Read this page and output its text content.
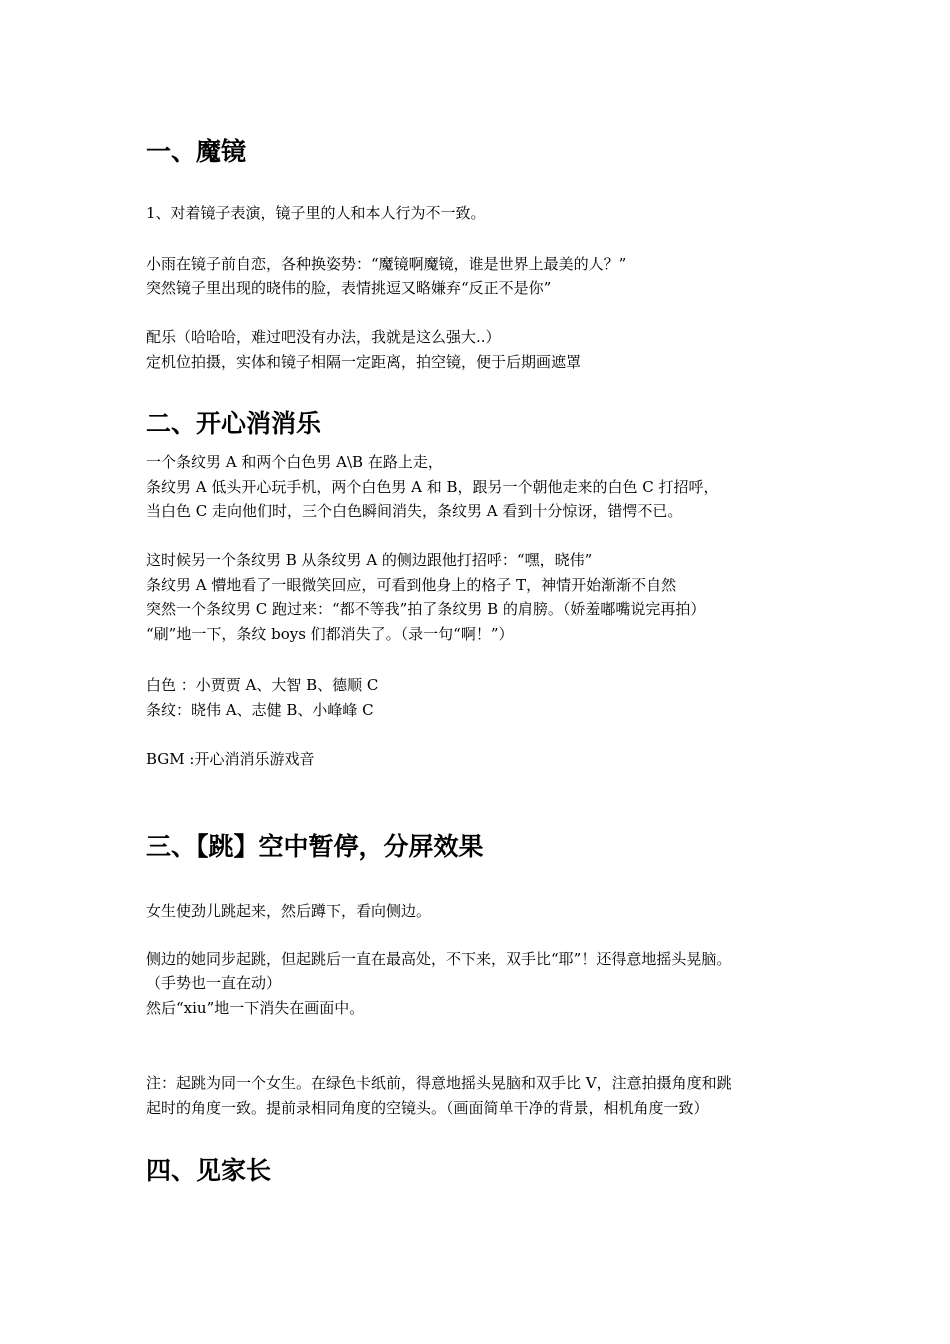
一、魔镜

1、对着镜子表演，镜子里的人和本人行为不一致。

小雨在镜子前自恋，各种换姿势：“魔镜啊魔镜，谁是世界上最美的人？”

突然镜子里出现的晓伟的脸，表情挑逗又略嫌弃“反正不是你”

配乐（哈哈哈，难过吧没有办法，我就是这么强大..）

定机位拍摄，实体和镜子相隔一定距离，拍空镜，便于后期画遮罩

二、开心消消乐

一个条纹男 A 和两个白色男 A\B 在路上走，

条纹男 A 低头开心玩手机，两个白色男 A 和 B，跟另一个朝他走来的白色 C 打招呼，

当白色 C 走向他们时，三个白色瞬间消失，条纹男 A 看到十分惊讶，错愕不已。

这时候另一个条纹男 B 从条纹男 A 的侧边跟他打招呼：“嘿，晓伟”

条纹男 A 懵地看了一眼微笑回应，可看到他身上的格子 T，神情开始渐渐不自然

突然一个条纹男 C 跑过来：“都不等我”拍了条纹男 B 的肩膀。（娇羞嘟嘴说完再拍）

“刷”地一下，条纹 boys 们都消失了。（录一句“啊！”）

白色 ：小贾贾 A、大智 B、德顺 C

条纹：晓伟 A、志健 B、小峰峰 C

BGM :开心消消乐游戏音

三、【跳】空中暂停，分屏效果

女生使劲儿跳起来，然后蹲下，看向侧边。

侧边的她同步起跳，但起跳后一直在最高处，不下来，双手比“耶”！还得意地摇头晃脑。

（手势也一直在动）

然后“xiu”地一下消失在画面中。

注：起跳为同一个女生。在绿色卡纸前，得意地摇头晃脑和双手比 V，注意拍摄角度和跳

起时的角度一致。提前录相同角度的空镜头。（画面简单干净的背景，相机角度一致）

四、见家长
